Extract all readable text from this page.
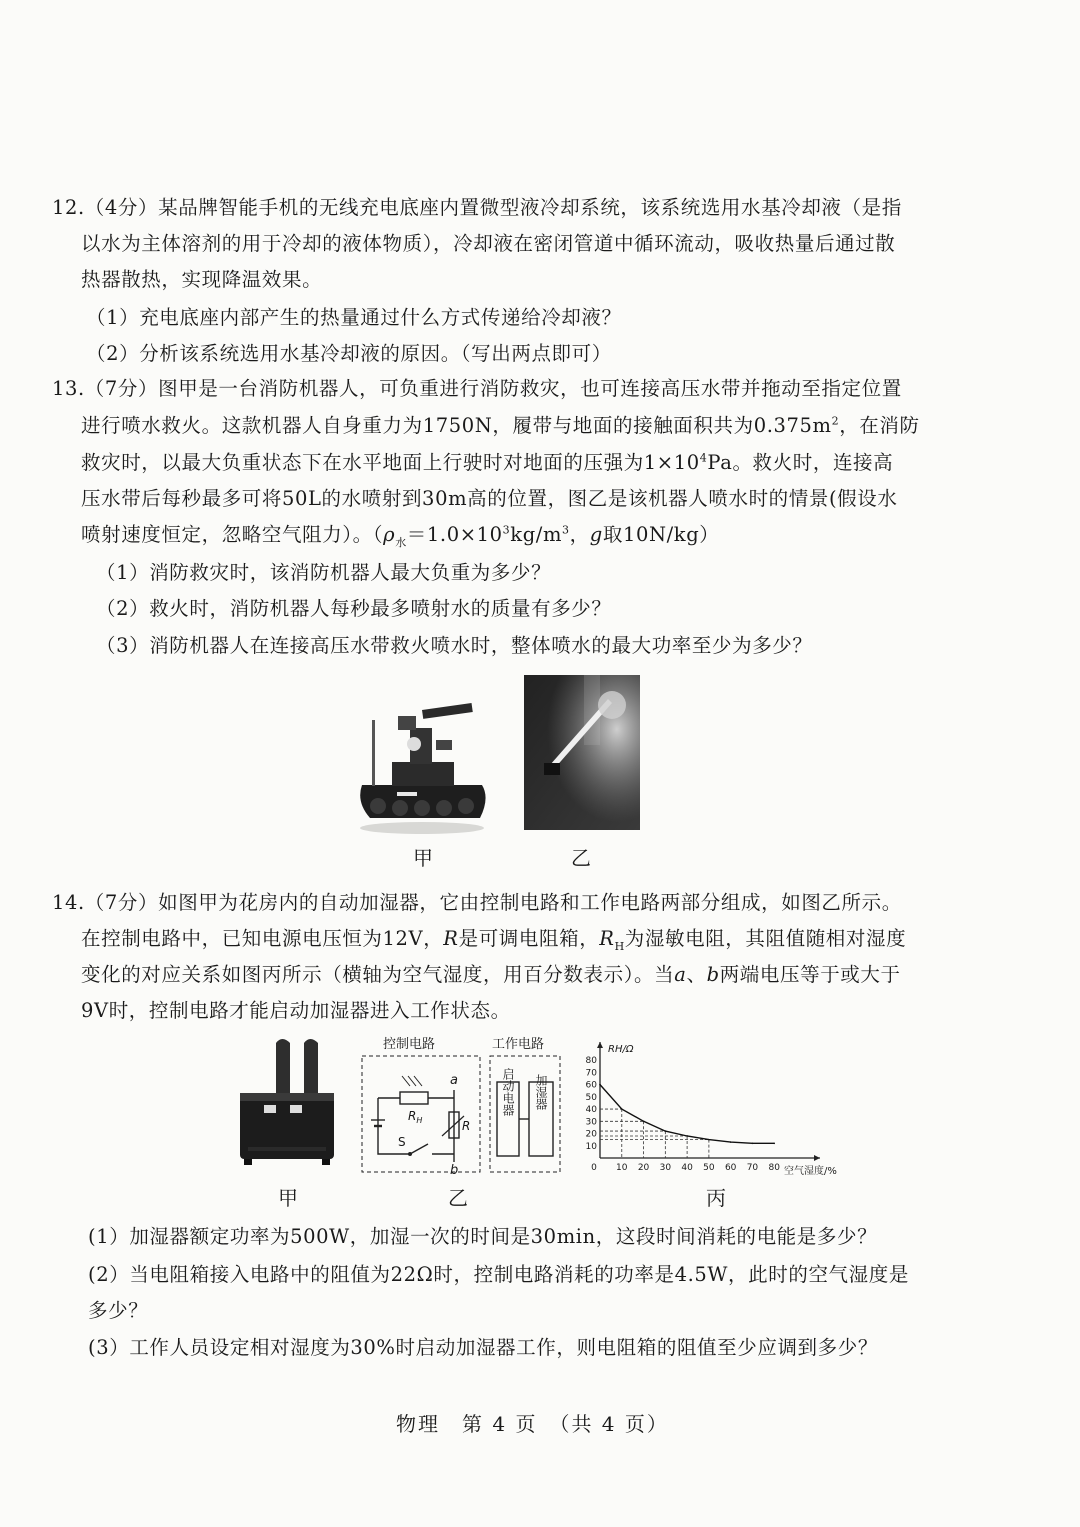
12.（4分）某品牌智能手机的无线充电底座内置微型液冷却系统，该系统选用水基冷却液（是指
以水为主体溶剂的用于冷却的液体物质），冷却液在密闭管道中循环流动，吸收热量后通过散
热器散热，实现降温效果。
（1）充电底座内部产生的热量通过什么方式传递给冷却液？
（2）分析该系统选用水基冷却液的原因。（写出两点即可）
13.（7分）图甲是一台消防机器人，可负重进行消防救灾，也可连接高压水带并拖动至指定位置
进行喷水救火。这款机器人自身重力为1750N，履带与地面的接触面积共为$0.375m^2$，在消防
救灾时，以最大负重状态下在水平地面上行驶时对地面的压强为$1\times 10^4Pa$。救火时，连接高
压水带后每秒最多可将50L的水喷射到30m高的位置，图乙是该机器人喷水时的情景(假设水
喷射速度恒定，忽略空气阻力）。（$\rho_水=1.0\times 10^3kg/m^3$，g取10N/kg）
（1）消防救灾时，该消防机器人最大负重为多少？
（2）救火时，消防机器人每秒最多喷射水的质量有多少？
（3）消防机器人在连接高压水带救火喷水时，整体喷水的最大功率至少为多少？
甲	乙
14.（7分）如图甲为花房内的自动加湿器，它由控制电路和工作电路两部分组成，如图乙所示。
在控制电路中，已知电源电压恒为12V，R是可调电阻箱，$R_H$为湿敏电阻，其阻值随相对湿度
变化的对应关系如图丙所示（横轴为空气湿度，用百分数表示）。当a、b两端电压等于或大于
9V时，控制电路才能启动加湿器进入工作状态。
甲
控制电路	工作电路
$R_H$	R
S
a
b
启动电器 加湿器
乙
RH/Ω
空气湿度/%
0 10 20 30 40 50 60 70 80
10
20
30
40
50
60
70
80
丙
(1）加湿器额定功率为500W，加湿一次的时间是30min，这段时间消耗的电能是多少？
(2）当电阻箱接入电路中的阻值为22Ω时，控制电路消耗的功率是4.5W，此时的空气湿度是
多少？
(3）工作人员设定相对湿度为30%时启动加湿器工作，则电阻箱的阻值至少应调到多少？
物理　第 4 页　（共 4 页）
